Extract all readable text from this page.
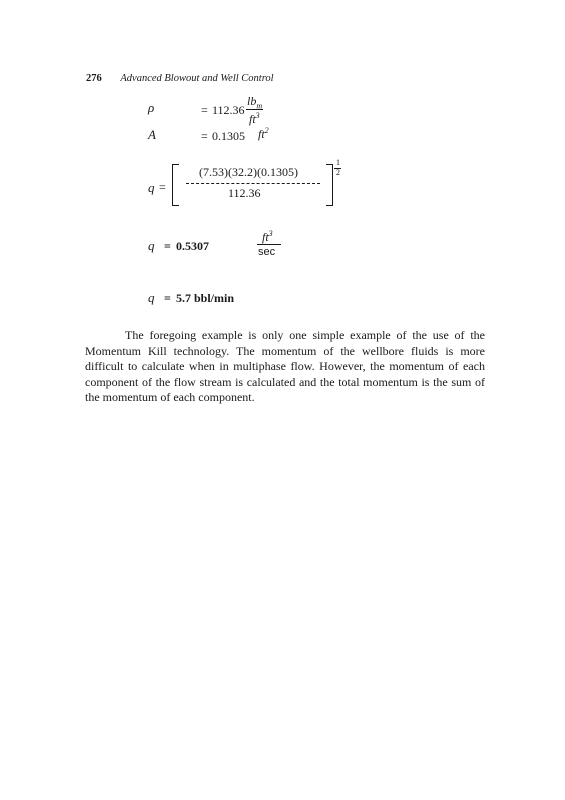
276 Advanced Blowout and Well Control
ρ	= 112.36
$lb_m$
$ft^3$
A	= 0.1305 $ft^2$
q =
(7.53)(32.2)(0.1305)
112.36
1
2
q = 0.5307
$ft^3$
sec
q = 5.7 bbl/min

The foregoing example is only one simple example of the use of the Momentum Kill technology. The momentum of the wellbore fluids is more difficult to calculate when in multiphase flow. However, the momentum of each component of the flow stream is calculated and the total momentum is the sum of the momentum of each component.
